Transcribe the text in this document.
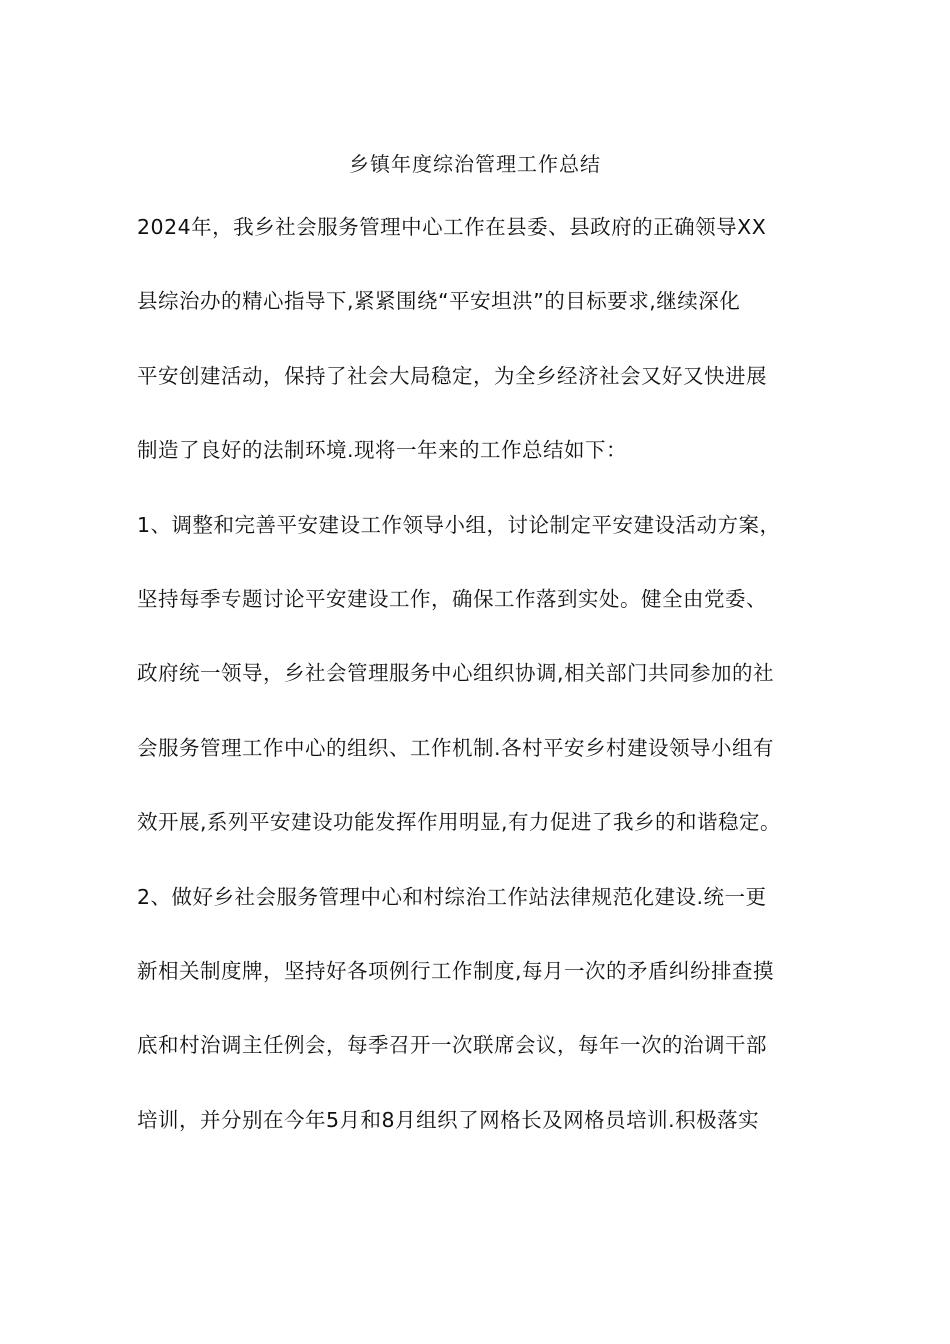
乡镇年度综治管理工作总结
2024年，我乡社会服务管理中心工作在县委、县政府的正确领导XX
县综治办的精心指导下,紧紧围绕“平安坦洪”的目标要求,继续深化
平安创建活动，保持了社会大局稳定，为全乡经济社会又好又快进展
制造了良好的法制环境.现将一年来的工作总结如下：
1、调整和完善平安建设工作领导小组，讨论制定平安建设活动方案，
坚持每季专题讨论平安建设工作，确保工作落到实处。健全由党委、
政府统一领导，乡社会管理服务中心组织协调,相关部门共同参加的社
会服务管理工作中心的组织、工作机制.各村平安乡村建设领导小组有
效开展,系列平安建设功能发挥作用明显,有力促进了我乡的和谐稳定。
2、做好乡社会服务管理中心和村综治工作站法律规范化建设.统一更
新相关制度牌，坚持好各项例行工作制度,每月一次的矛盾纠纷排查摸
底和村治调主任例会，每季召开一次联席会议，每年一次的治调干部
培训，并分别在今年5月和8月组织了网格长及网格员培训.积极落实
